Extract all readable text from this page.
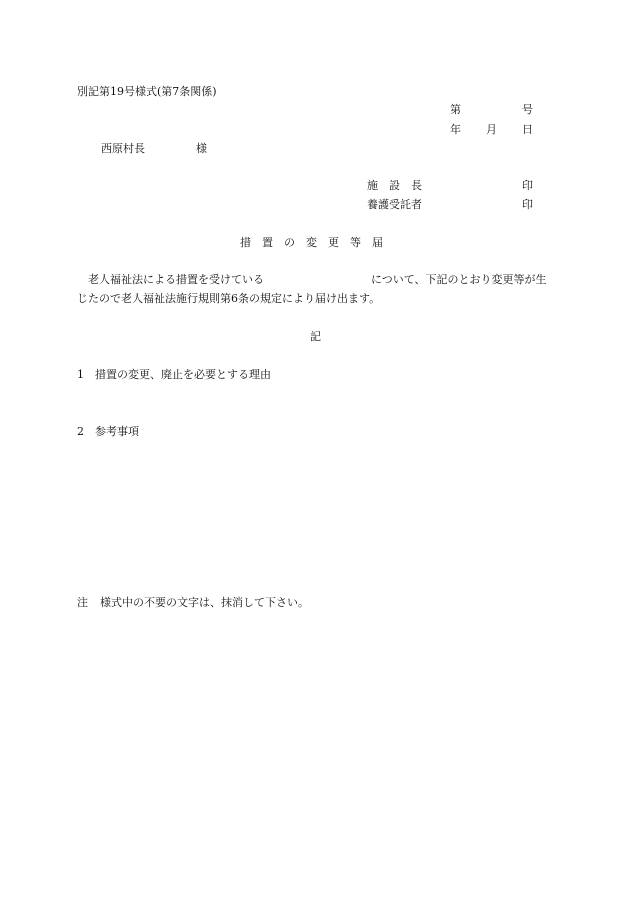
別記第19号様式(第7条関係)
第	号
年 月 日
西原村長	様
施　設　長	印
養護受託者	印
措置の変更等届
老人福祉法による措置を受けている	について、下記のとおり変更等が生
じたので老人福祉法施行規則第6条の規定により届け出ます。
記
1 措置の変更、廃止を必要とする理由
2 参考事項
注 様式中の不要の文字は、抹消して下さい。
